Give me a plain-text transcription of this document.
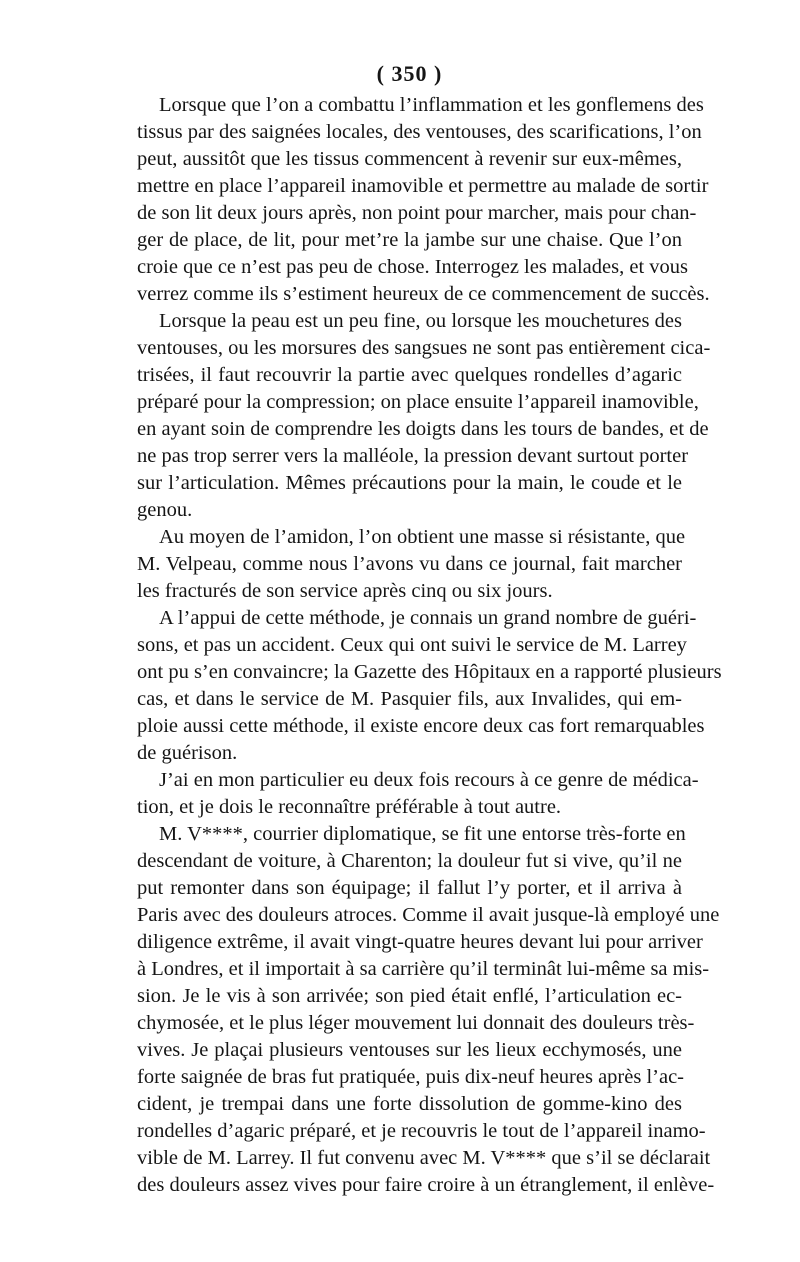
( 350 )
Lorsque que l’on a combattu l’inflammation et les gonflemens des
tissus par des saignées locales, des ventouses, des scarifications, l’on
peut, aussitôt que les tissus commencent à revenir sur eux-mêmes,
mettre en place l’appareil inamovible et permettre au malade de sortir
de son lit deux jours après, non point pour marcher, mais pour chan-
ger de place, de lit, pour met’re la jambe sur une chaise. Que l’on
croie que ce n’est pas peu de chose. Interrogez les malades, et vous
verrez comme ils s’estiment heureux de ce commencement de succès.
Lorsque la peau est un peu fine, ou lorsque les mouchetures des
ventouses, ou les morsures des sangsues ne sont pas entièrement cica-
trisées, il faut recouvrir la partie avec quelques rondelles d’agaric
préparé pour la compression; on place ensuite l’appareil inamovible,
en ayant soin de comprendre les doigts dans les tours de bandes, et de
ne pas trop serrer vers la malléole, la pression devant surtout porter
sur l’articulation. Mêmes précautions pour la main, le coude et le
genou.
Au moyen de l’amidon, l’on obtient une masse si résistante, que
M. Velpeau, comme nous l’avons vu dans ce journal, fait marcher
les fracturés de son service après cinq ou six jours.
A l’appui de cette méthode, je connais un grand nombre de guéri-
sons, et pas un accident. Ceux qui ont suivi le service de M. Larrey
ont pu s’en convaincre; la Gazette des Hôpitaux en a rapporté plusieurs
cas, et dans le service de M. Pasquier fils, aux Invalides, qui em-
ploie aussi cette méthode, il existe encore deux cas fort remarquables
de guérison.
J’ai en mon particulier eu deux fois recours à ce genre de médica-
tion, et je dois le reconnaître préférable à tout autre.
M. V****, courrier diplomatique, se fit une entorse très-forte en
descendant de voiture, à Charenton; la douleur fut si vive, qu’il ne
put remonter dans son équipage; il fallut l’y porter, et il arriva à
Paris avec des douleurs atroces. Comme il avait jusque-là employé une
diligence extrême, il avait vingt-quatre heures devant lui pour arriver
à Londres, et il importait à sa carrière qu’il terminât lui-même sa mis-
sion. Je le vis à son arrivée; son pied était enflé, l’articulation ec-
chymosée, et le plus léger mouvement lui donnait des douleurs très-
vives. Je plaçai plusieurs ventouses sur les lieux ecchymosés, une
forte saignée de bras fut pratiquée, puis dix-neuf heures après l’ac-
cident, je trempai dans une forte dissolution de gomme-kino des
rondelles d’agaric préparé, et je recouvris le tout de l’appareil inamo-
vible de M. Larrey. Il fut convenu avec M. V**** que s’il se déclarait
des douleurs assez vives pour faire croire à un étranglement, il enlève-
